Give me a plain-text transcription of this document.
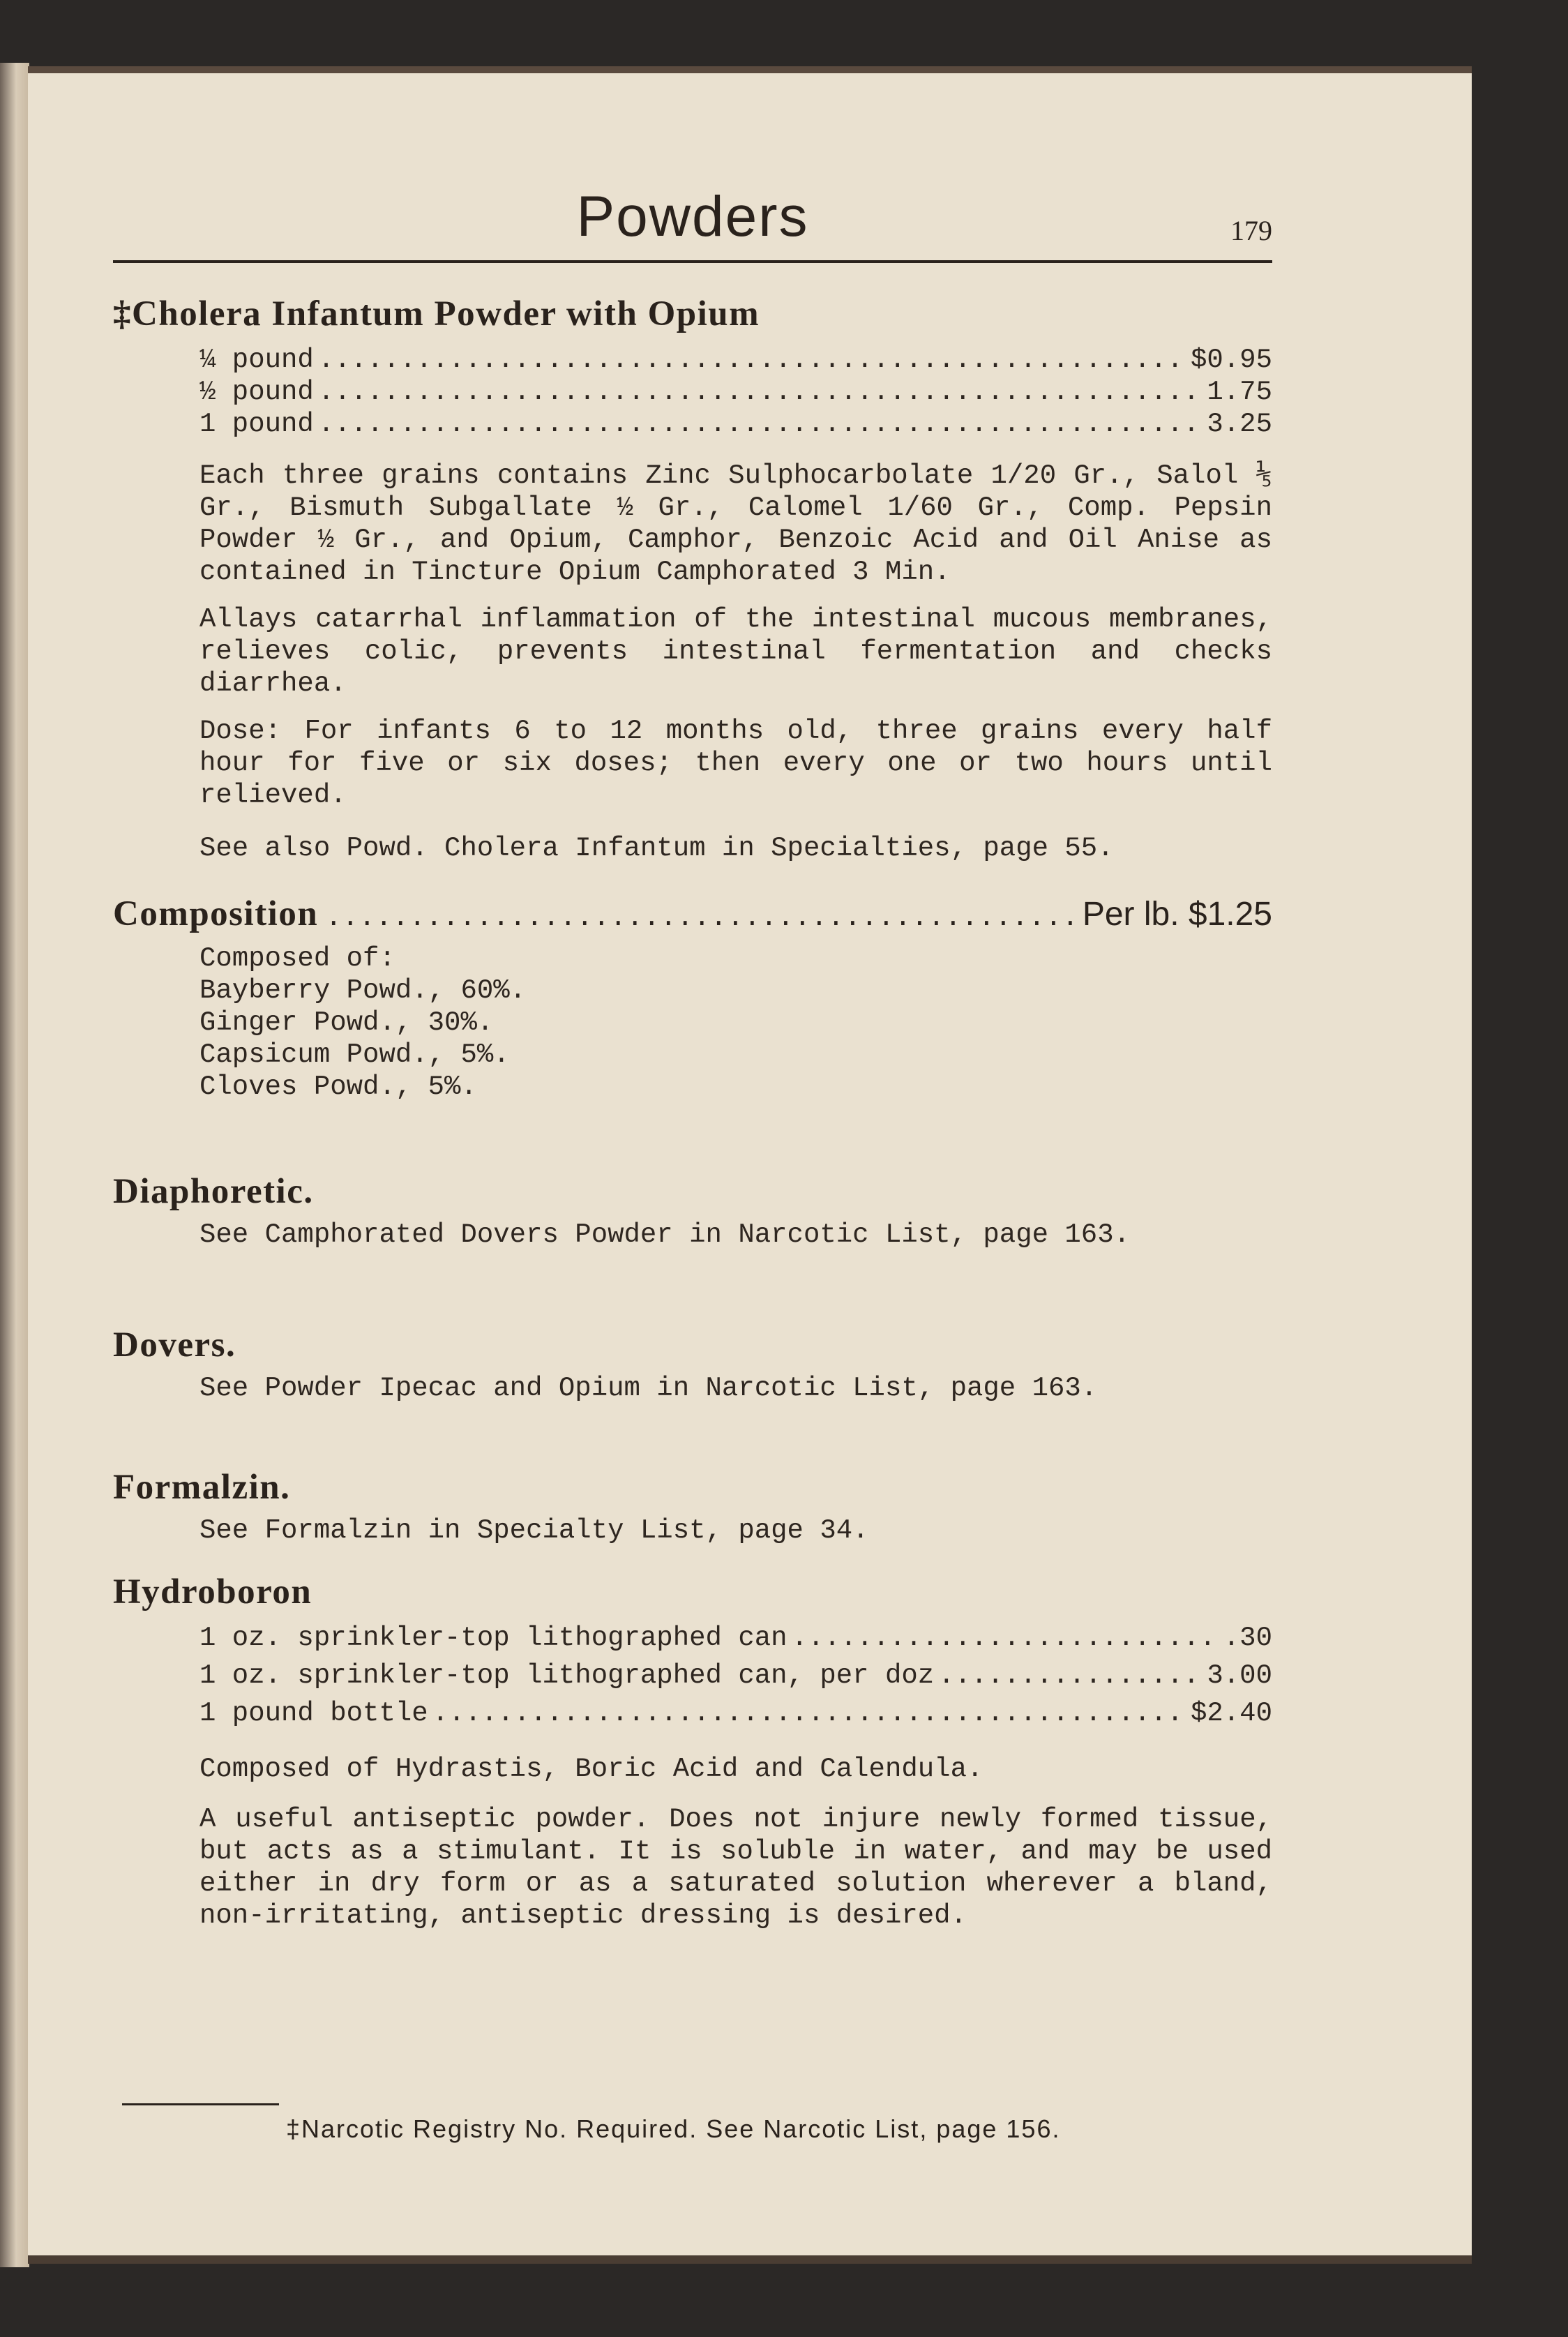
Powders	179
‡Cholera Infantum Powder with Opium
¼ pound .....	$0.95
½ pound .....	1.75
1 pound .....	3.25

Each three grains contains Zinc Sulphocarbolate 1/20 Gr., Salol ⅕ Gr., Bismuth Subgallate ½ Gr., Calomel 1/60 Gr., Comp. Pepsin Powder ½ Gr., and Opium, Camphor, Benzoic Acid and Oil Anise as contained in Tincture Opium Camphorated 3 Min.

Allays catarrhal inflammation of the intestinal mucous membranes, relieves colic, prevents intestinal fermentation and checks diarrhea.

Dose: For infants 6 to 12 months old, three grains every half hour for five or six doses; then every one or two hours until relieved.

See also Powd. Cholera Infantum in Specialties, page 55.

Composition .....	Per lb. $1.25
Composed of:
Bayberry Powd., 60%.
Ginger Powd., 30%.
Capsicum Powd., 5%.
Cloves Powd., 5%.
Diaphoretic.

See Camphorated Dovers Powder in Narcotic List, page 163.

Dovers.

See Powder Ipecac and Opium in Narcotic List, page 163.

Formalzin.

See Formalzin in Specialty List, page 34.

Hydroboron
1 oz. sprinkler-top lithographed can .....	.30
1 oz. sprinkler-top lithographed can, per doz .....	3.00
1 pound bottle .....	$2.40

Composed of Hydrastis, Boric Acid and Calendula.

A useful antiseptic powder. Does not injure newly formed tissue, but acts as a stimulant. It is soluble in water, and may be used either in dry form or as a saturated solution wherever a bland, non-irritating, antiseptic dressing is desired.

‡Narcotic Registry No. Required. See Narcotic List, page 156.
